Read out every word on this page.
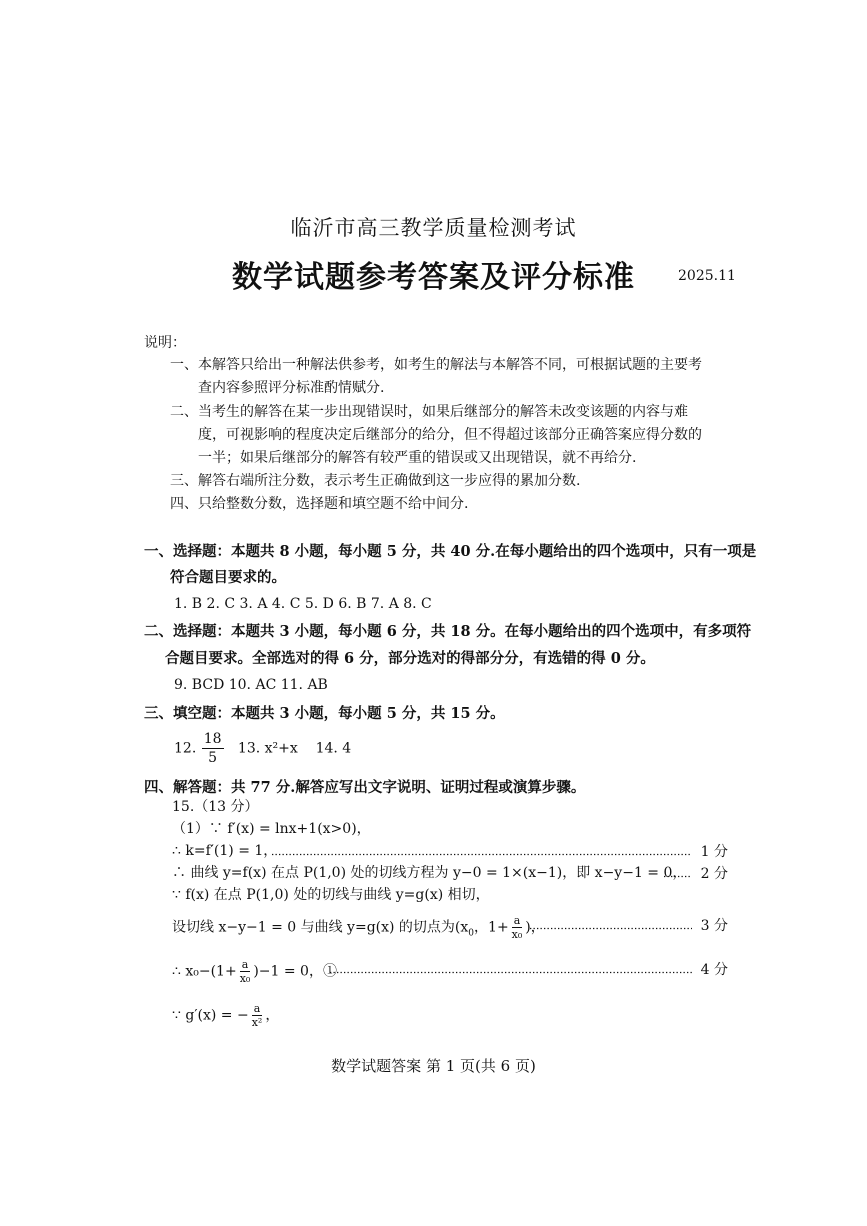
临沂市高三教学质量检测考试
数学试题参考答案及评分标准	2025.11
说明：
一、本解答只给出一种解法供参考，如考生的解法与本解答不同，可根据试题的主要考
查内容参照评分标准酌情赋分.
二、当考生的解答在某一步出现错误时，如果后继部分的解答未改变该题的内容与难
度，可视影响的程度决定后继部分的给分，但不得超过该部分正确答案应得分数的
一半；如果后继部分的解答有较严重的错误或又出现错误，就不再给分.
三、解答右端所注分数，表示考生正确做到这一步应得的累加分数.
四、只给整数分数，选择题和填空题不给中间分.
一、选择题：本题共 8 小题，每小题 5 分，共 40 分.在每小题给出的四个选项中，只有一项是
符合题目要求的。
1. B 2. C 3. A 4. C 5. D 6. B 7. A 8. C
二、选择题：本题共 3 小题，每小题 6 分，共 18 分。在每小题给出的四个选项中，有多项符
合题目要求。全部选对的得 6 分，部分选对的得部分分，有选错的得 0 分。
9. BCD 10. AC 11. AB
三、填空题：本题共 3 小题，每小题 5 分，共 15 分。
12. $\frac{18}{5} 13$. x²+x 14. 4
四、解答题：共 77 分.解答应写出文字说明、证明过程或演算步骤。
15.（13 分）
（1）∵ f′(x) = lnx+1(x>0)，
∴ k=f′(1) = 1，	1 分
∴ 曲线 y=f(x) 在点 P(1,0) 处的切线方程为 y−0 = 1×(x−1)，即 x−y−1 = 0，	2 分
∵ f(x) 在点 P(1,0) 处的切线与曲线 y=g(x) 相切，
设切线 x−y−1 = 0 与曲线 y=g(x) 的切点为($x_0$，$1+ \frac{a}{\text{x₀}}$ )，	3 分
∴ $x_0-(1+ \frac{a}{\text{x₀}} )-1 = 0$，①	4 分
∵ g′(x) = − $\frac{a}{\text{x²}}$ ，
数学试题答案 第 1 页(共 6 页)
